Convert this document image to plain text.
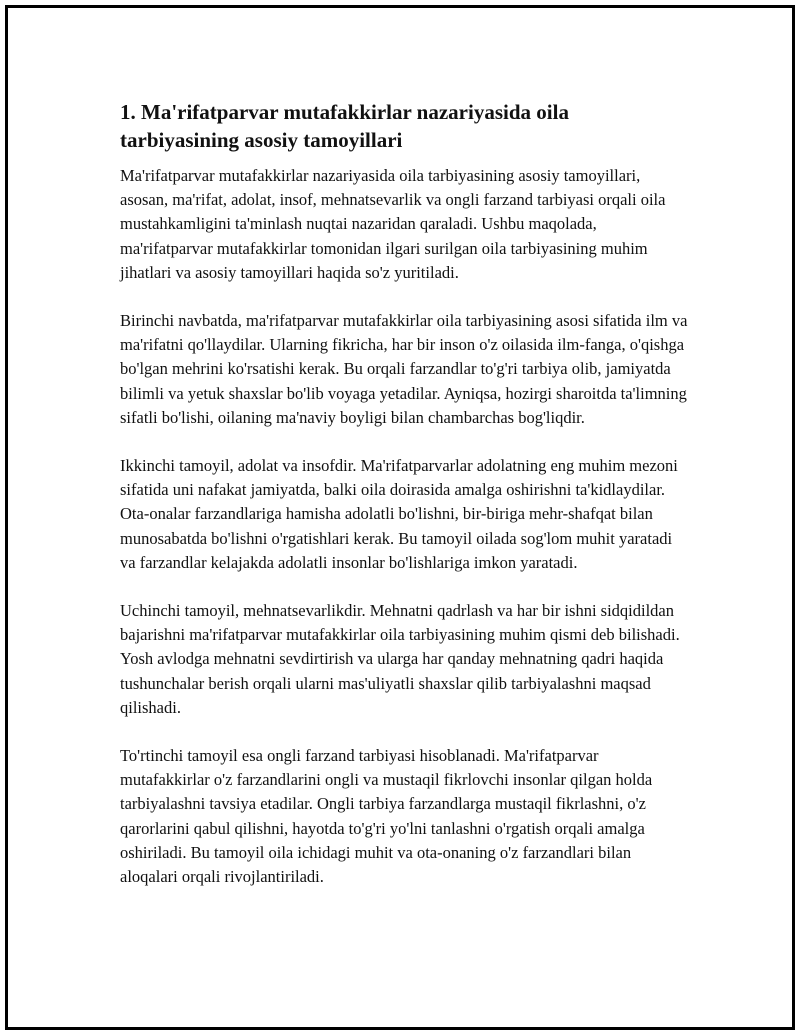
1. Ma'rifatparvar mutafakkirlar nazariyasida oila tarbiyasining asosiy tamoyillari

Ma'rifatparvar mutafakkirlar nazariyasida oila tarbiyasining asosiy tamoyillari, asosan, ma'rifat, adolat, insof, mehnatsevarlik va ongli farzand tarbiyasi orqali oila mustahkamligini ta'minlash nuqtai nazaridan qaraladi. Ushbu maqolada, ma'rifatparvar mutafakkirlar tomonidan ilgari surilgan oila tarbiyasining muhim jihatlari va asosiy tamoyillari haqida so'z yuritiladi.

Birinchi navbatda, ma'rifatparvar mutafakkirlar oila tarbiyasining asosi sifatida ilm va ma'rifatni qo'llaydilar. Ularning fikricha, har bir inson o'z oilasida ilm-fanga, o'qishga bo'lgan mehrini ko'rsatishi kerak. Bu orqali farzandlar to'g'ri tarbiya olib, jamiyatda bilimli va yetuk shaxslar bo'lib voyaga yetadilar. Ayniqsa, hozirgi sharoitda ta'limning sifatli bo'lishi, oilaning ma'naviy boyligi bilan chambarchas bog'liqdir.

Ikkinchi tamoyil, adolat va insofdir. Ma'rifatparvarlar adolatning eng muhim mezoni sifatida uni nafakat jamiyatda, balki oila doirasida amalga oshirishni ta'kidlaydilar. Ota-onalar farzandlariga hamisha adolatli bo'lishni, bir-biriga mehr-shafqat bilan munosabatda bo'lishni o'rgatishlari kerak. Bu tamoyil oilada sog'lom muhit yaratadi va farzandlar kelajakda adolatli insonlar bo'lishlariga imkon yaratadi.

Uchinchi tamoyil, mehnatsevarlikdir. Mehnatni qadrlash va har bir ishni sidqidildan bajarishni ma'rifatparvar mutafakkirlar oila tarbiyasining muhim qismi deb bilishadi. Yosh avlodga mehnatni sevdirtirish va ularga har qanday mehnatning qadri haqida tushunchalar berish orqali ularni mas'uliyatli shaxslar qilib tarbiyalashni maqsad qilishadi.

To'rtinchi tamoyil esa ongli farzand tarbiyasi hisoblanadi. Ma'rifatparvar mutafakkirlar o'z farzandlarini ongli va mustaqil fikrlovchi insonlar qilgan holda tarbiyalashni tavsiya etadilar. Ongli tarbiya farzandlarga mustaqil fikrlashni, o'z qarorlarini qabul qilishni, hayotda to'g'ri yo'lni tanlashni o'rgatish orqali amalga oshiriladi. Bu tamoyil oila ichidagi muhit va ota-onaning o'z farzandlari bilan aloqalari orqali rivojlantiriladi.
